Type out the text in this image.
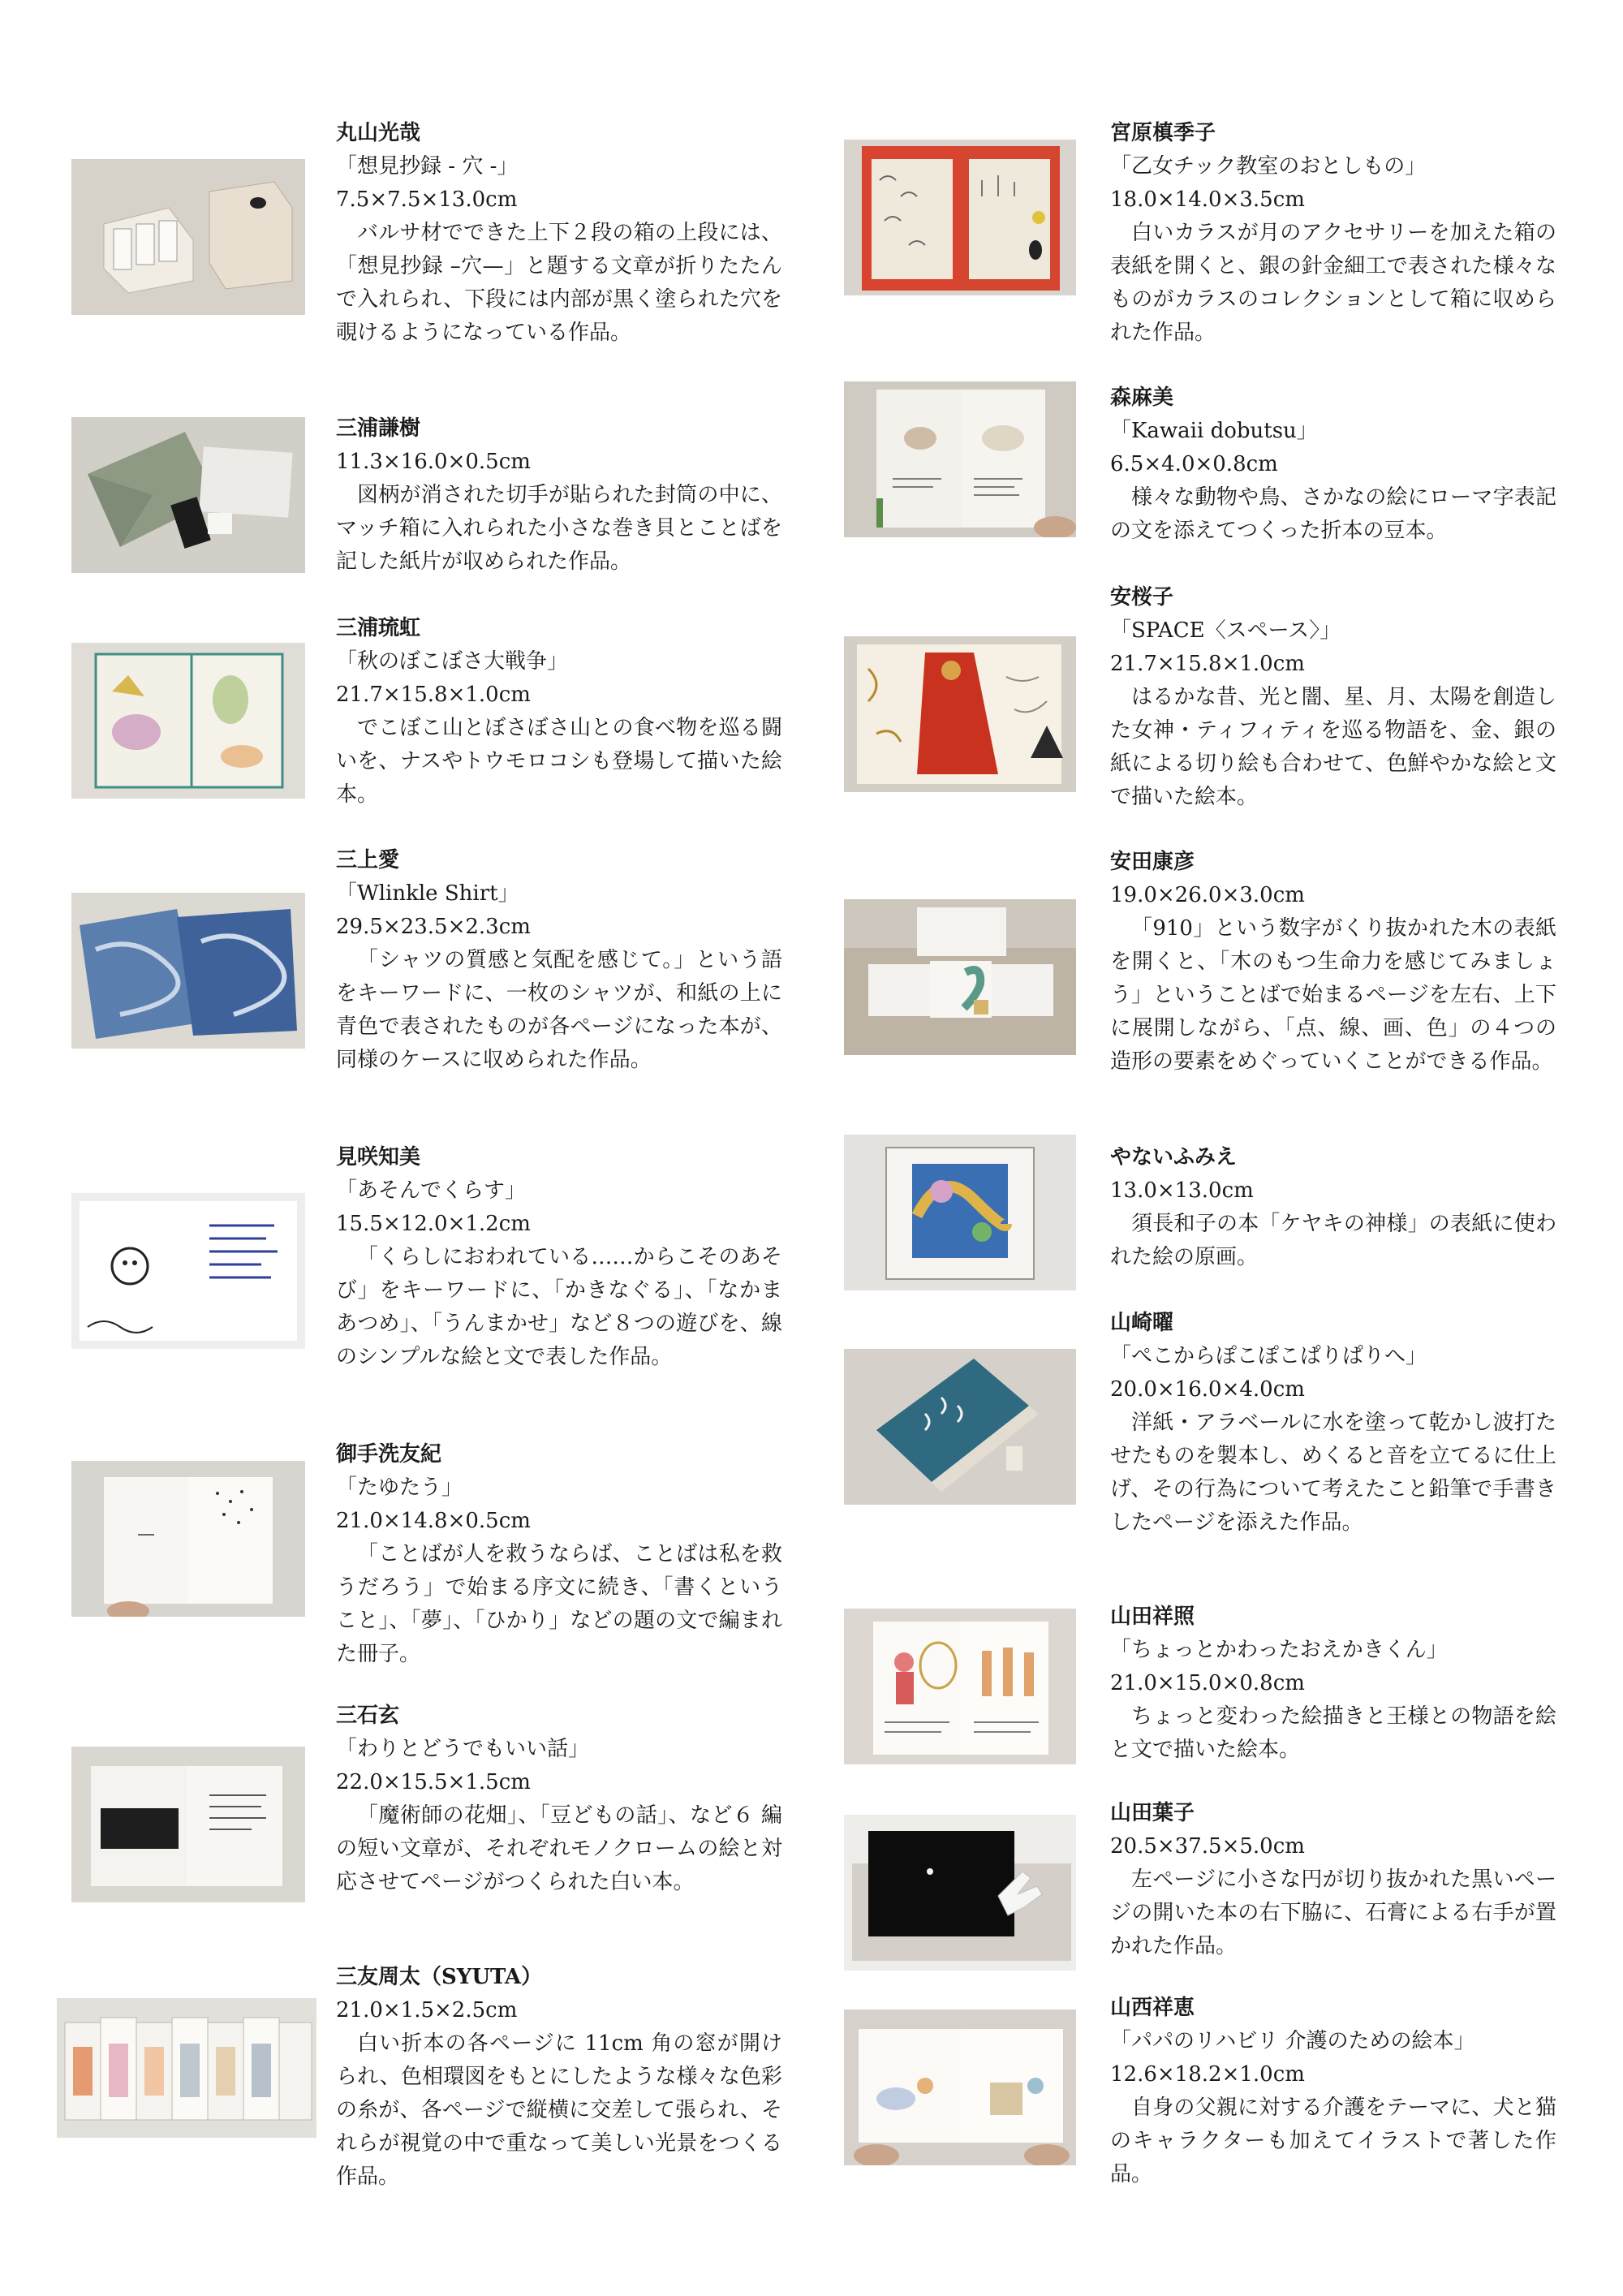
丸山光哉
「想見抄録 - 穴 -」
7.5×7.5×13.0cm
バルサ材でできた上下２段の箱の上段には、「想見抄録 –穴—」と題する文章が折りたたんで入れられ、下段には内部が黒く塗られた穴を覗けるようになっている作品。
三浦謙樹
11.3×16.0×0.5cm
図柄が消された切手が貼られた封筒の中に、マッチ箱に入れられた小さな巻き貝とことばを記した紙片が収められた作品。
三浦琉虹
「秋のぼこぼさ大戦争」
21.7×15.8×1.0cm
でこぼこ山とぼさぼさ山との食べ物を巡る闘いを、ナスやトウモロコシも登場して描いた絵本。
三上愛
「Wlinkle Shirt」
29.5×23.5×2.3cm
「シャツの質感と気配を感じて。」という語をキーワードに、一枚のシャツが、和紙の上に青色で表されたものが各ページになった本が、同様のケースに収められた作品。
見咲知美
「あそんでくらす」
15.5×12.0×1.2cm
「くらしにおわれている……からこそのあそび」をキーワードに、「かきなぐる」、「なかまあつめ」、「うんまかせ」など８つの遊びを、線のシンプルな絵と文で表した作品。
御手洗友紀
「たゆたう」
21.0×14.8×0.5cm
「ことばが人を救うならば、ことばは私を救うだろう」で始まる序文に続き、「書くということ」、「夢」、「ひかり」などの題の文で編まれた冊子。
三石玄
「わりとどうでもいい話」
22.0×15.5×1.5cm
「魔術師の花畑」、「豆どもの話」、など６ 編の短い文章が、それぞれモノクロームの絵と対応させてページがつくられた白い本。
三友周太（SYUTA）
21.0×1.5×2.5cm
白い折本の各ページに 11cm 角の窓が開けられ、色相環図をもとにしたような様々な色彩の糸が、各ページで縦横に交差して張られ、それらが視覚の中で重なって美しい光景をつくる作品。
宮原槙季子
「乙女チック教室のおとしもの」
18.0×14.0×3.5cm
白いカラスが月のアクセサリーを加えた箱の表紙を開くと、銀の針金細工で表された様々なものがカラスのコレクションとして箱に収められた作品。
森麻美
「Kawaii dobutsu」
6.5×4.0×0.8cm
様々な動物や鳥、さかなの絵にローマ字表記の文を添えてつくった折本の豆本。
安桜子
「SPACE〈スペース〉」
21.7×15.8×1.0cm
はるかな昔、光と闇、星、月、太陽を創造した女神・ティフィティを巡る物語を、金、銀の紙による切り絵も合わせて、色鮮やかな絵と文で描いた絵本。
安田康彦
19.0×26.0×3.0cm
「910」という数字がくり抜かれた木の表紙を開くと、「木のもつ生命力を感じてみましょう」ということばで始まるページを左右、上下に展開しながら、「点、線、画、色」の４つの造形の要素をめぐっていくことができる作品。
やないふみえ
13.0×13.0cm
須長和子の本「ケヤキの神様」の表紙に使われた絵の原画。
山崎曜
「ぺこからぽこぽこぱりぱりへ」
20.0×16.0×4.0cm
洋紙・アラベールに水を塗って乾かし波打たせたものを製本し、めくると音を立てるに仕上げ、その行為について考えたこと鉛筆で手書きしたページを添えた作品。
山田祥照
「ちょっとかわったおえかきくん」
21.0×15.0×0.8cm
ちょっと変わった絵描きと王様との物語を絵と文で描いた絵本。
山田葉子
20.5×37.5×5.0cm
左ページに小さな円が切り抜かれた黒いページの開いた本の右下脇に、石膏による右手が置かれた作品。
山西祥恵
「パパのリハビリ 介護のための絵本」
12.6×18.2×1.0cm
自身の父親に対する介護をテーマに、犬と猫のキャラクターも加えてイラストで著した作品。
